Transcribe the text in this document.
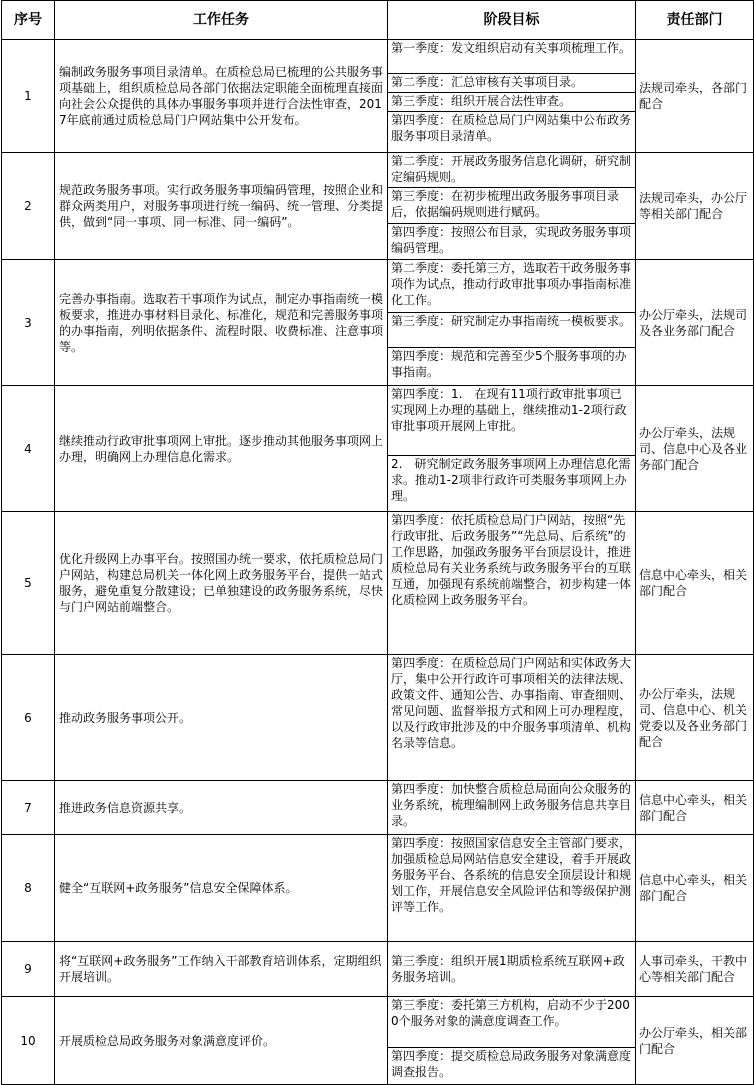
序号	工作任务	阶段目标	责任部门
1	编制政务服务事项目录清单。在质检总局已梳理的公共服务事项基础上，组织质检总局各部门依据法定职能全面梳理直接面向社会公众提供的具体办事服务事项并进行合法性审查，2017年底前通过质检总局门户网站集中公开发布。	第一季度：发文组织启动有关事项梳理工作。
第二季度：汇总审核有关事项目录。
第三季度：组织开展合法性审查。
第四季度：在质检总局门户网站集中公布政务服务事项目录清单。	法规司牵头，各部门配合
2	规范政务服务事项。实行政务服务事项编码管理，按照企业和群众两类用户，对服务事项进行统一编码、统一管理、分类提供，做到“同一事项、同一标准、同一编码”。	第二季度：开展政务服务信息化调研，研究制定编码规则。
第三季度：在初步梳理出政务服务事项目录后，依据编码规则进行赋码。
第四季度：按照公布目录，实现政务服务事项编码管理。	法规司牵头，办公厅等相关部门配合
3	完善办事指南。选取若干事项作为试点，制定办事指南统一模板要求，推进办事材料目录化、标准化，规范和完善服务事项的办事指南，列明依据条件、流程时限、收费标准、注意事项等。	第二季度：委托第三方，选取若干政务服务事项作为试点，推动行政审批事项办事指南标准化工作。
第三季度：研究制定办事指南统一模板要求。
第四季度：规范和完善至少5个服务事项的办事指南。	办公厅牵头，法规司及各业务部门配合
4	继续推动行政审批事项网上审批。逐步推动其他服务事项网上办理，明确网上办理信息化需求。	第四季度：1.　在现有11项行政审批事项已实现网上办理的基础上，继续推动1-2项行政审批事项开展网上审批。
2.　研究制定政务服务事项网上办理信息化需求。推动1-2项非行政许可类服务事项网上办理。	办公厅牵头，法规司、信息中心及各业务部门配合
5	优化升级网上办事平台。按照国办统一要求，依托质检总局门户网站，构建总局机关一体化网上政务服务平台，提供一站式服务，避免重复分散建设；已单独建设的政务服务系统，尽快与门户网站前端整合。	第四季度：依托质检总局门户网站，按照“先行政审批、后政务服务”“先总局、后系统”的工作思路，加强政务服务平台顶层设计，推进质检总局有关业务系统与政务服务平台的互联互通，加强现有系统前端整合，初步构建一体化质检网上政务服务平台。	信息中心牵头，相关部门配合
6	推动政务服务事项公开。	第四季度：在质检总局门户网站和实体政务大厅，集中公开行政许可事项相关的法律法规、政策文件、通知公告、办事指南、审查细则、常见问题、监督举报方式和网上可办理程度，以及行政审批涉及的中介服务事项清单、机构名录等信息。	办公厅牵头，法规司、信息中心、机关党委以及各业务部门配合
7	推进政务信息资源共享。	第四季度：加快整合质检总局面向公众服务的业务系统，梳理编制网上政务服务信息共享目录。	信息中心牵头，相关部门配合
8	健全“互联网+政务服务”信息安全保障体系。	第四季度：按照国家信息安全主管部门要求，加强质检总局网站信息安全建设，着手开展政务服务平台、各系统的信息安全顶层设计和规划工作，开展信息安全风险评估和等级保护测评等工作。	信息中心牵头，相关部门配合
9	将“互联网+政务服务”工作纳入干部教育培训体系，定期组织开展培训。	第三季度：组织开展1期质检系统互联网+政务服务培训。	人事司牵头，干教中心等相关部门配合
10	开展质检总局政务服务对象满意度评价。	第三季度：委托第三方机构，启动不少于2000个服务对象的满意度调查工作。
第四季度：提交质检总局政务服务对象满意度调查报告。	办公厅牵头，相关部门配合
